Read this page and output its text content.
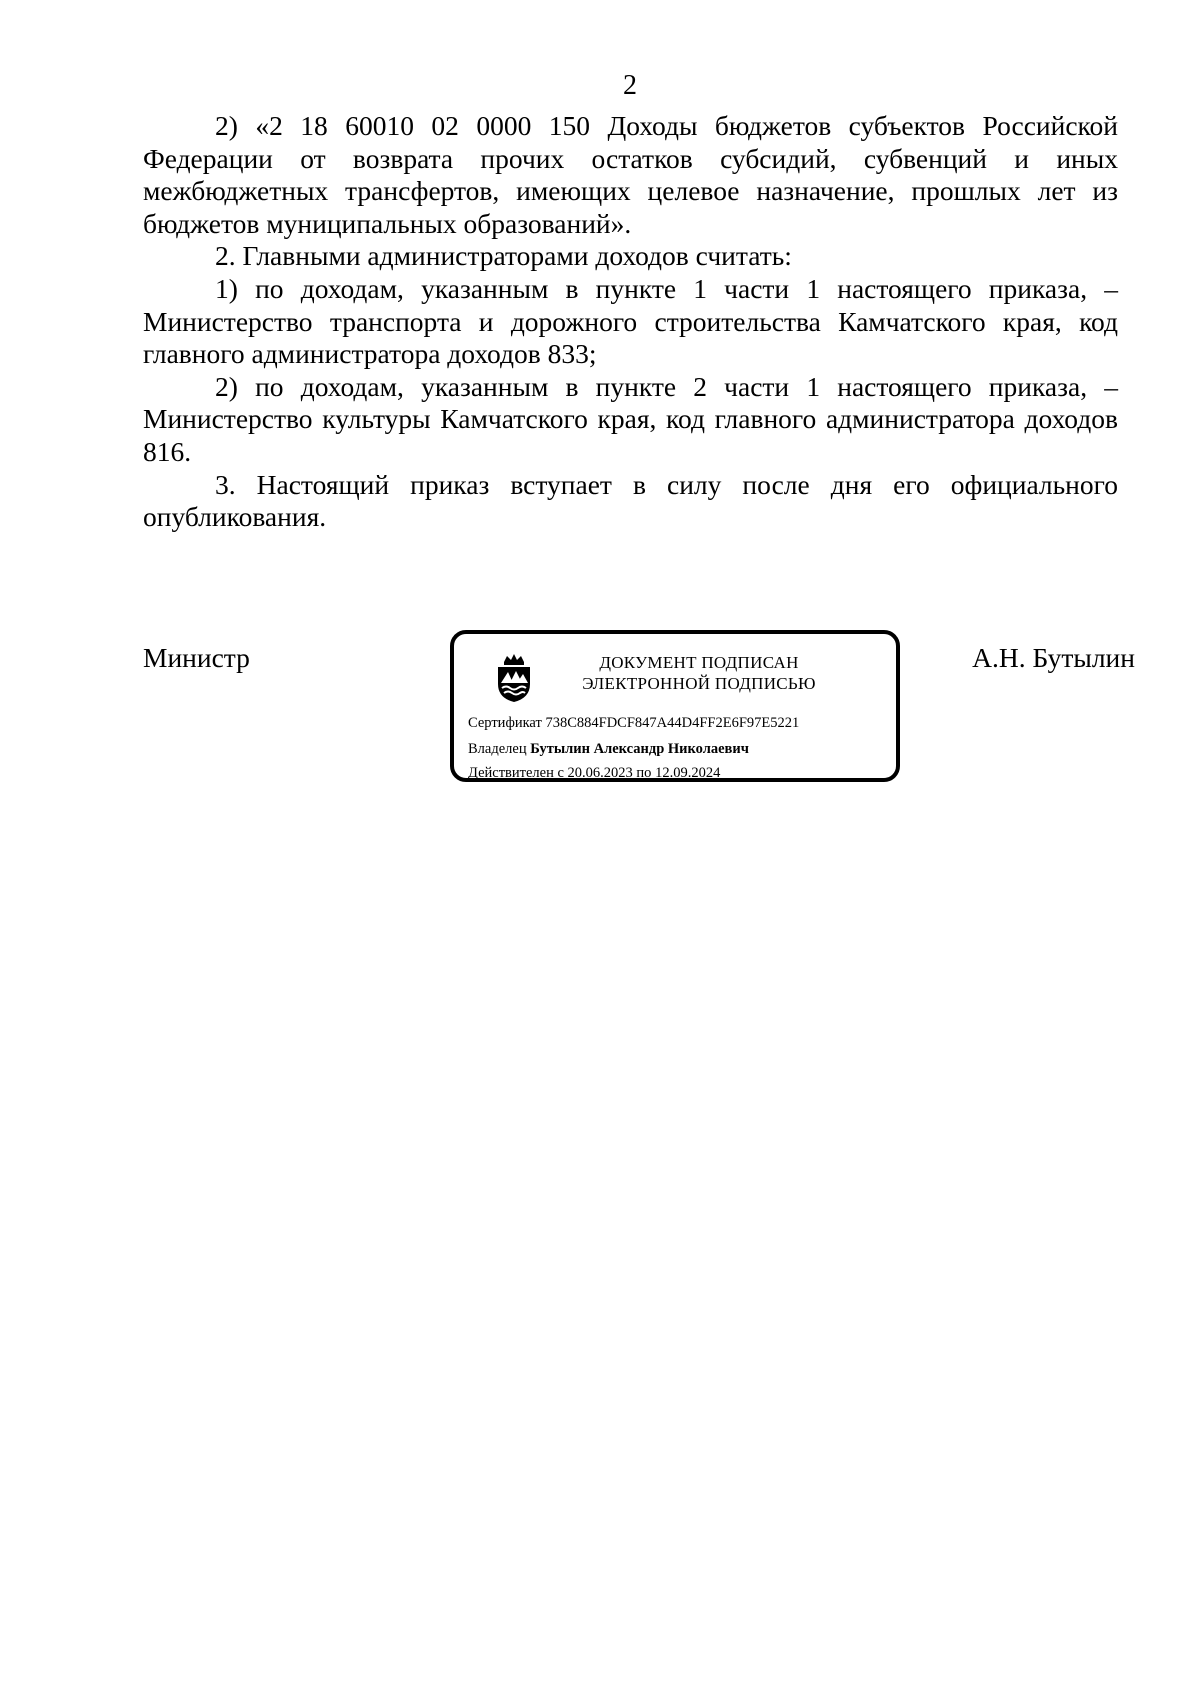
2

2) «2 18 60010 02 0000 150 Доходы бюджетов субъектов Российской Федерации от возврата прочих остатков субсидий, субвенций и иных межбюджетных трансфертов, имеющих целевое назначение, прошлых лет из бюджетов муниципальных образований».

2. Главными администраторами доходов считать:

1) по доходам, указанным в пункте 1 части 1 настоящего приказа, – Министерство транспорта и дорожного строительства Камчатского края, код главного администратора доходов 833;

2) по доходам, указанным в пункте 2 части 1 настоящего приказа, – Министерство культуры Камчатского края, код главного администратора доходов 816.

3. Настоящий приказ вступает в силу после дня его официального опубликования.

Министр	ДОКУМЕНТ ПОДПИСАН
ЭЛЕКТРОННОЙ ПОДПИСЬЮ
Сертификат 738C884FDCF847A44D4FF2E6F97E5221
Владелец Бутылин Александр Николаевич
Действителен с 20.06.2023 по 12.09.2024
А.Н. Бутылин
